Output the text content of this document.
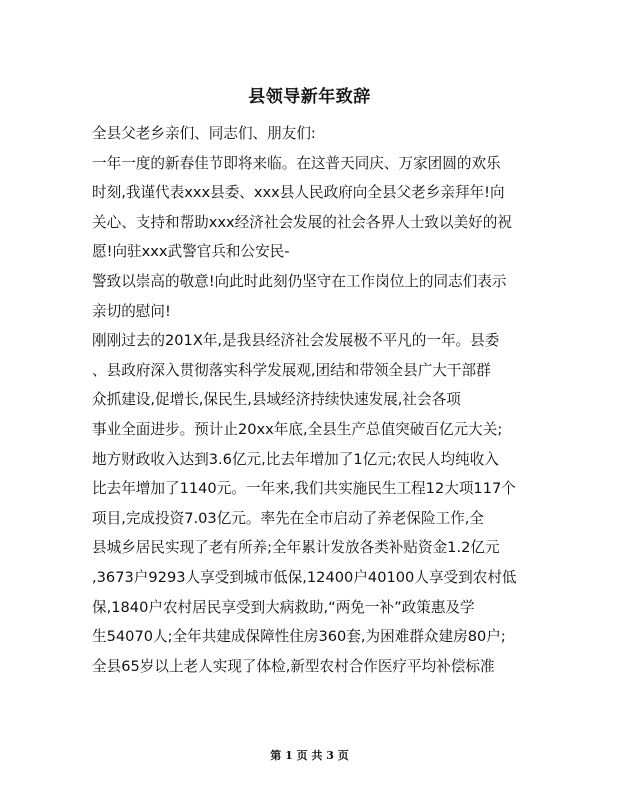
县领导新年致辞
全县父老乡亲们、同志们、朋友们:
一年一度的新春佳节即将来临。在这普天同庆、万家团圆的欢乐
时刻,我谨代表xxx县委、xxx县人民政府向全县父老乡亲拜年!向
关心、支持和帮助xxx经济社会发展的社会各界人士致以美好的祝
愿!向驻xxx武警官兵和公安民-
警致以崇高的敬意!向此时此刻仍坚守在工作岗位上的同志们表示
亲切的慰问!
刚刚过去的201X年,是我县经济社会发展极不平凡的一年。县委
、县政府深入贯彻落实科学发展观,团结和带领全县广大干部群
众抓建设,促增长,保民生,县域经济持续快速发展,社会各项
事业全面进步。预计止20xx年底,全县生产总值突破百亿元大关;
地方财政收入达到3.6亿元,比去年增加了1亿元;农民人均纯收入
比去年增加了1140元。一年来,我们共实施民生工程12大项117个
项目,完成投资7.03亿元。率先在全市启动了养老保险工作,全
县城乡居民实现了老有所养;全年累计发放各类补贴资金1.2亿元
,3673户9293人享受到城市低保,12400户40100人享受到农村低
保,1840户农村居民享受到大病救助,“两免一补”政策惠及学
生54070人;全年共建成保障性住房360套,为困难群众建房80户;
全县65岁以上老人实现了体检,新型农村合作医疗平均补偿标准
第 1 页 共 3 页
